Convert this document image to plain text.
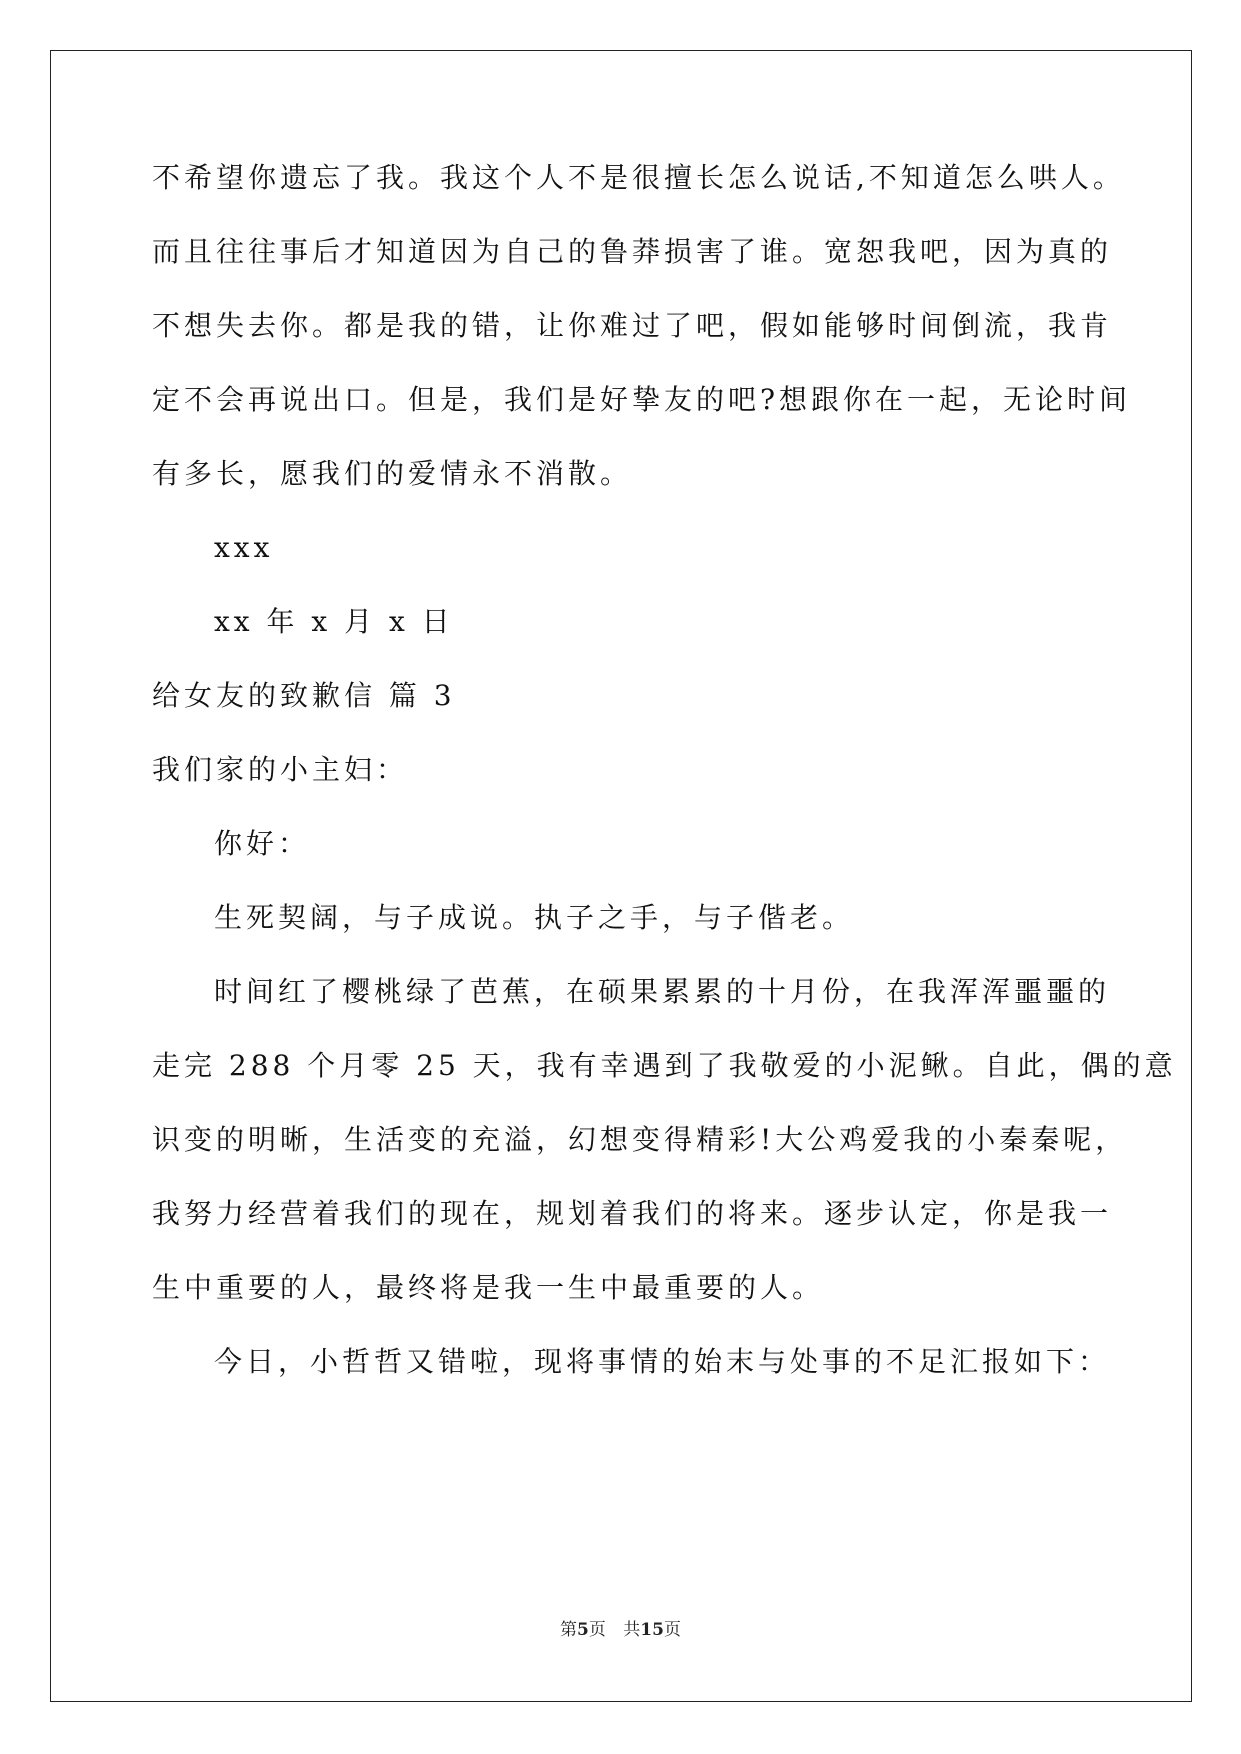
不希望你遗忘了我。我这个人不是很擅长怎么说话,不知道怎么哄人。
而且往往事后才知道因为自己的鲁莽损害了谁。宽恕我吧，因为真的
不想失去你。都是我的错，让你难过了吧，假如能够时间倒流，我肯
定不会再说出口。但是，我们是好挚友的吧?想跟你在一起，无论时间
有多长，愿我们的爱情永不消散。
xxx
xx 年 x 月 x 日
给女友的致歉信 篇 3
我们家的小主妇：
你好：
生死契阔，与子成说。执子之手，与子偕老。
时间红了樱桃绿了芭蕉，在硕果累累的十月份，在我浑浑噩噩的
走完 288 个月零 25 天，我有幸遇到了我敬爱的小泥鳅。自此，偶的意
识变的明晰，生活变的充溢，幻想变得精彩!大公鸡爱我的小秦秦呢，
我努力经营着我们的现在，规划着我们的将来。逐步认定，你是我一
生中重要的人，最终将是我一生中最重要的人。
今日，小哲哲又错啦，现将事情的始末与处事的不足汇报如下：
第5页 共15页
